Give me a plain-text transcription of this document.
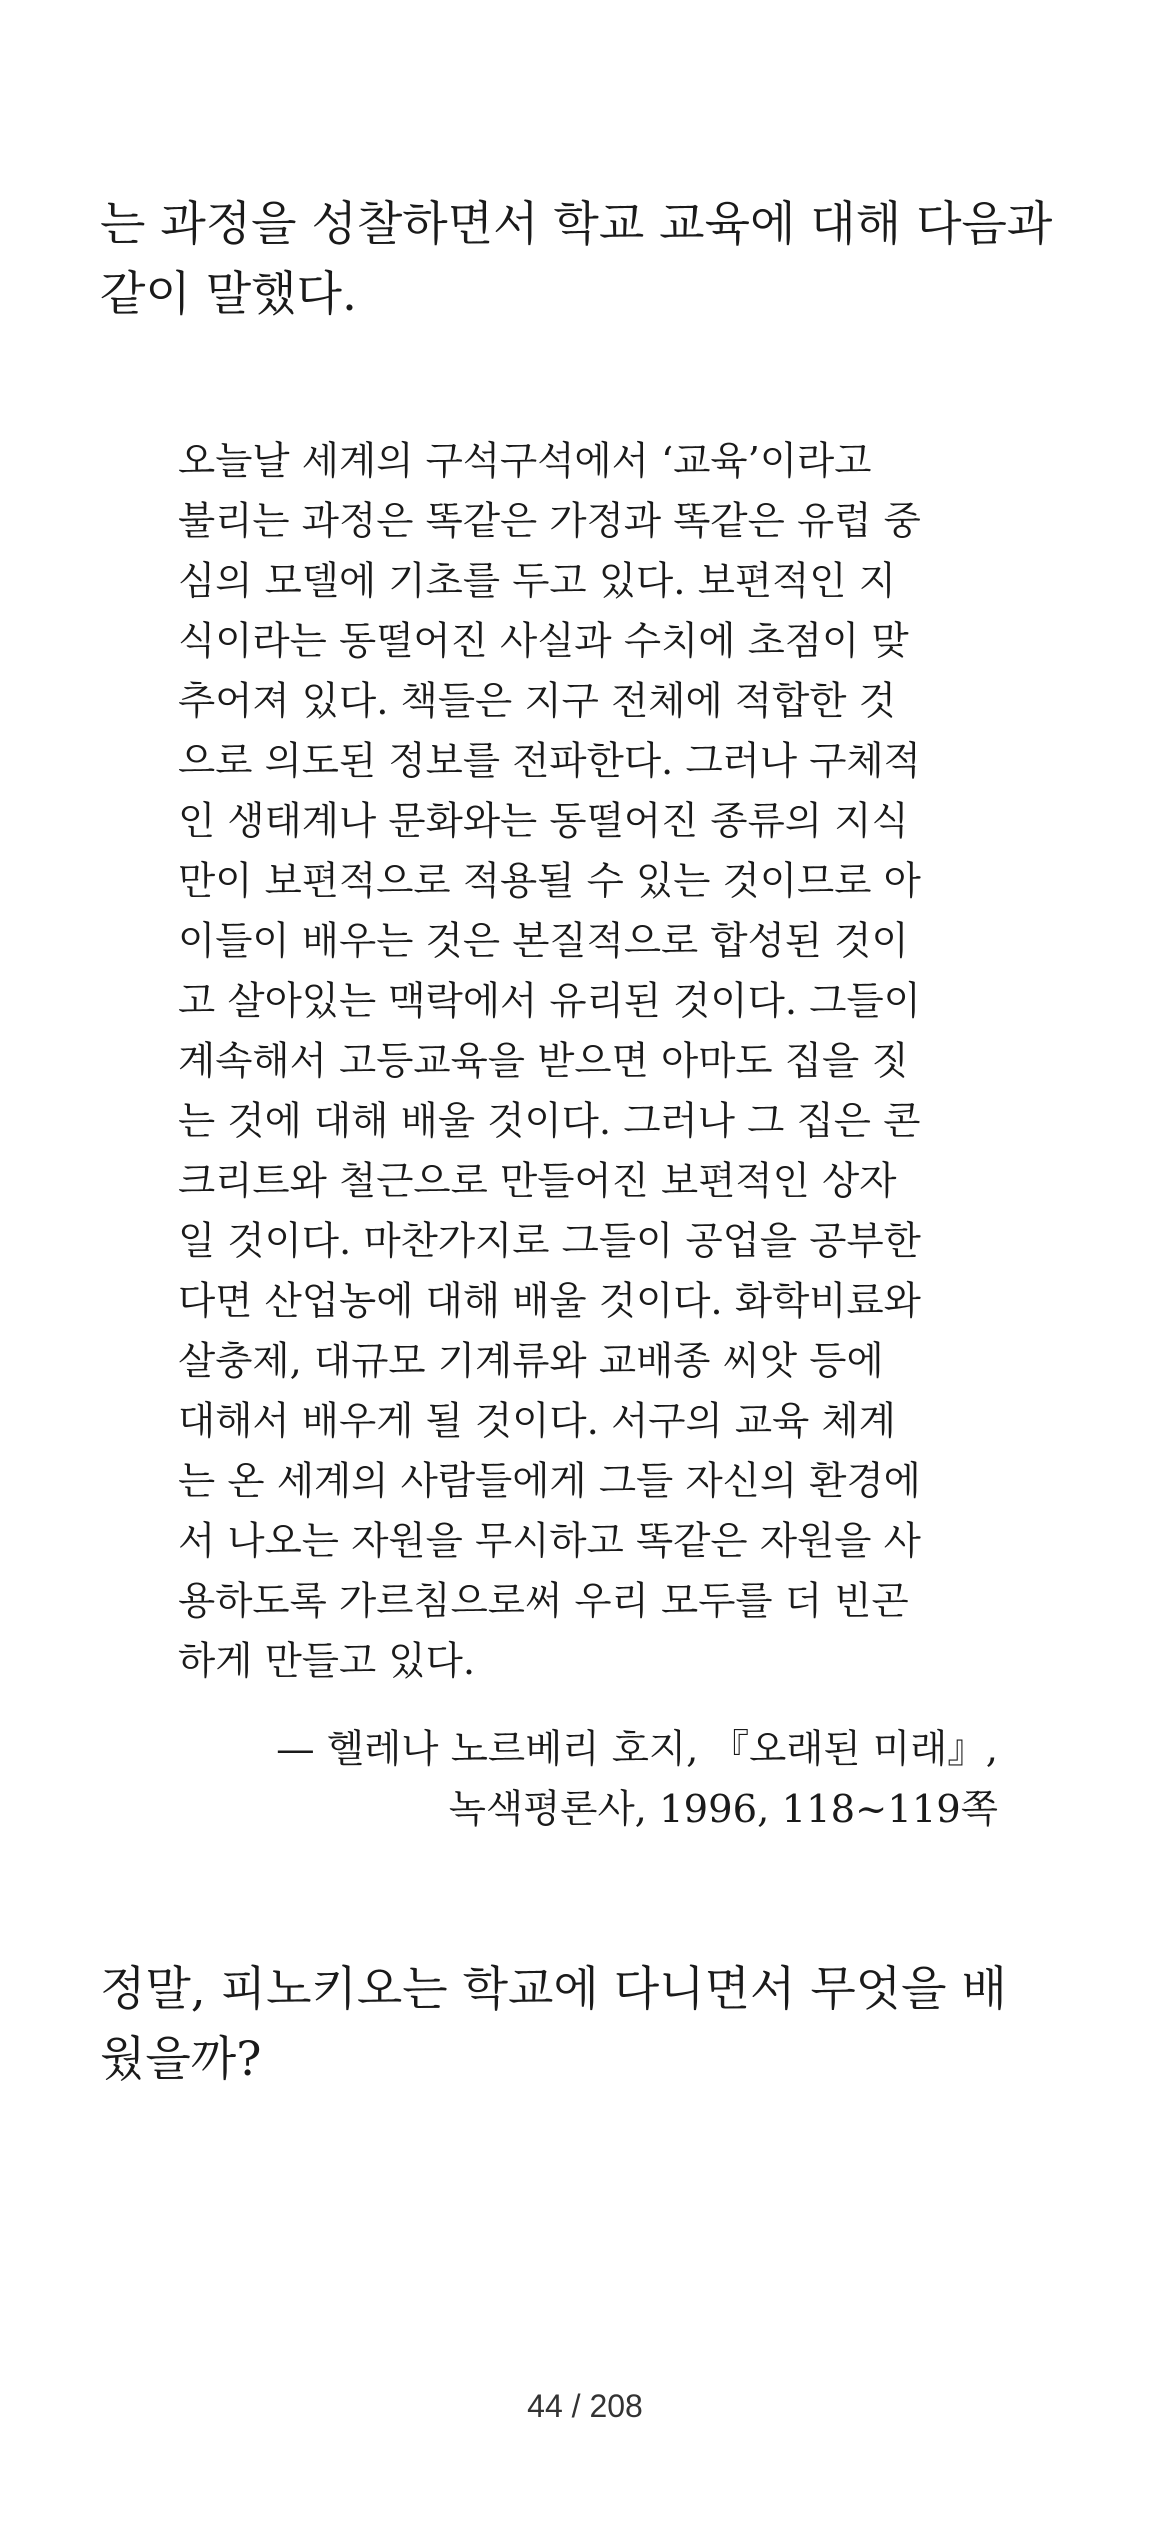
는 과정을 성찰하면서 학교 교육에 대해 다음과
같이 말했다.

오늘날 세계의 구석구석에서 ‘교육’이라고
불리는 과정은 똑같은 가정과 똑같은 유럽 중
심의 모델에 기초를 두고 있다. 보편적인 지
식이라는 동떨어진 사실과 수치에 초점이 맞
추어져 있다. 책들은 지구 전체에 적합한 것
으로 의도된 정보를 전파한다. 그러나 구체적
인 생태계나 문화와는 동떨어진 종류의 지식
만이 보편적으로 적용될 수 있는 것이므로 아
이들이 배우는 것은 본질적으로 합성된 것이
고 살아있는 맥락에서 유리된 것이다. 그들이
계속해서 고등교육을 받으면 아마도 집을 짓
는 것에 대해 배울 것이다. 그러나 그 집은 콘
크리트와 철근으로 만들어진 보편적인 상자
일 것이다. 마찬가지로 그들이 공업을 공부한
다면 산업농에 대해 배울 것이다. 화학비료와
살충제, 대규모 기계류와 교배종 씨앗 등에
대해서 배우게 될 것이다. 서구의 교육 체계
는 온 세계의 사람들에게 그들 자신의 환경에
서 나오는 자원을 무시하고 똑같은 자원을 사
용하도록 가르침으로써 우리 모두를 더 빈곤
하게 만들고 있다.

— 헬레나 노르베리 호지, 『오래된 미래』,
녹색평론사, 1996, 118~119쪽

정말, 피노키오는 학교에 다니면서 무엇을 배
웠을까?

44 / 208
